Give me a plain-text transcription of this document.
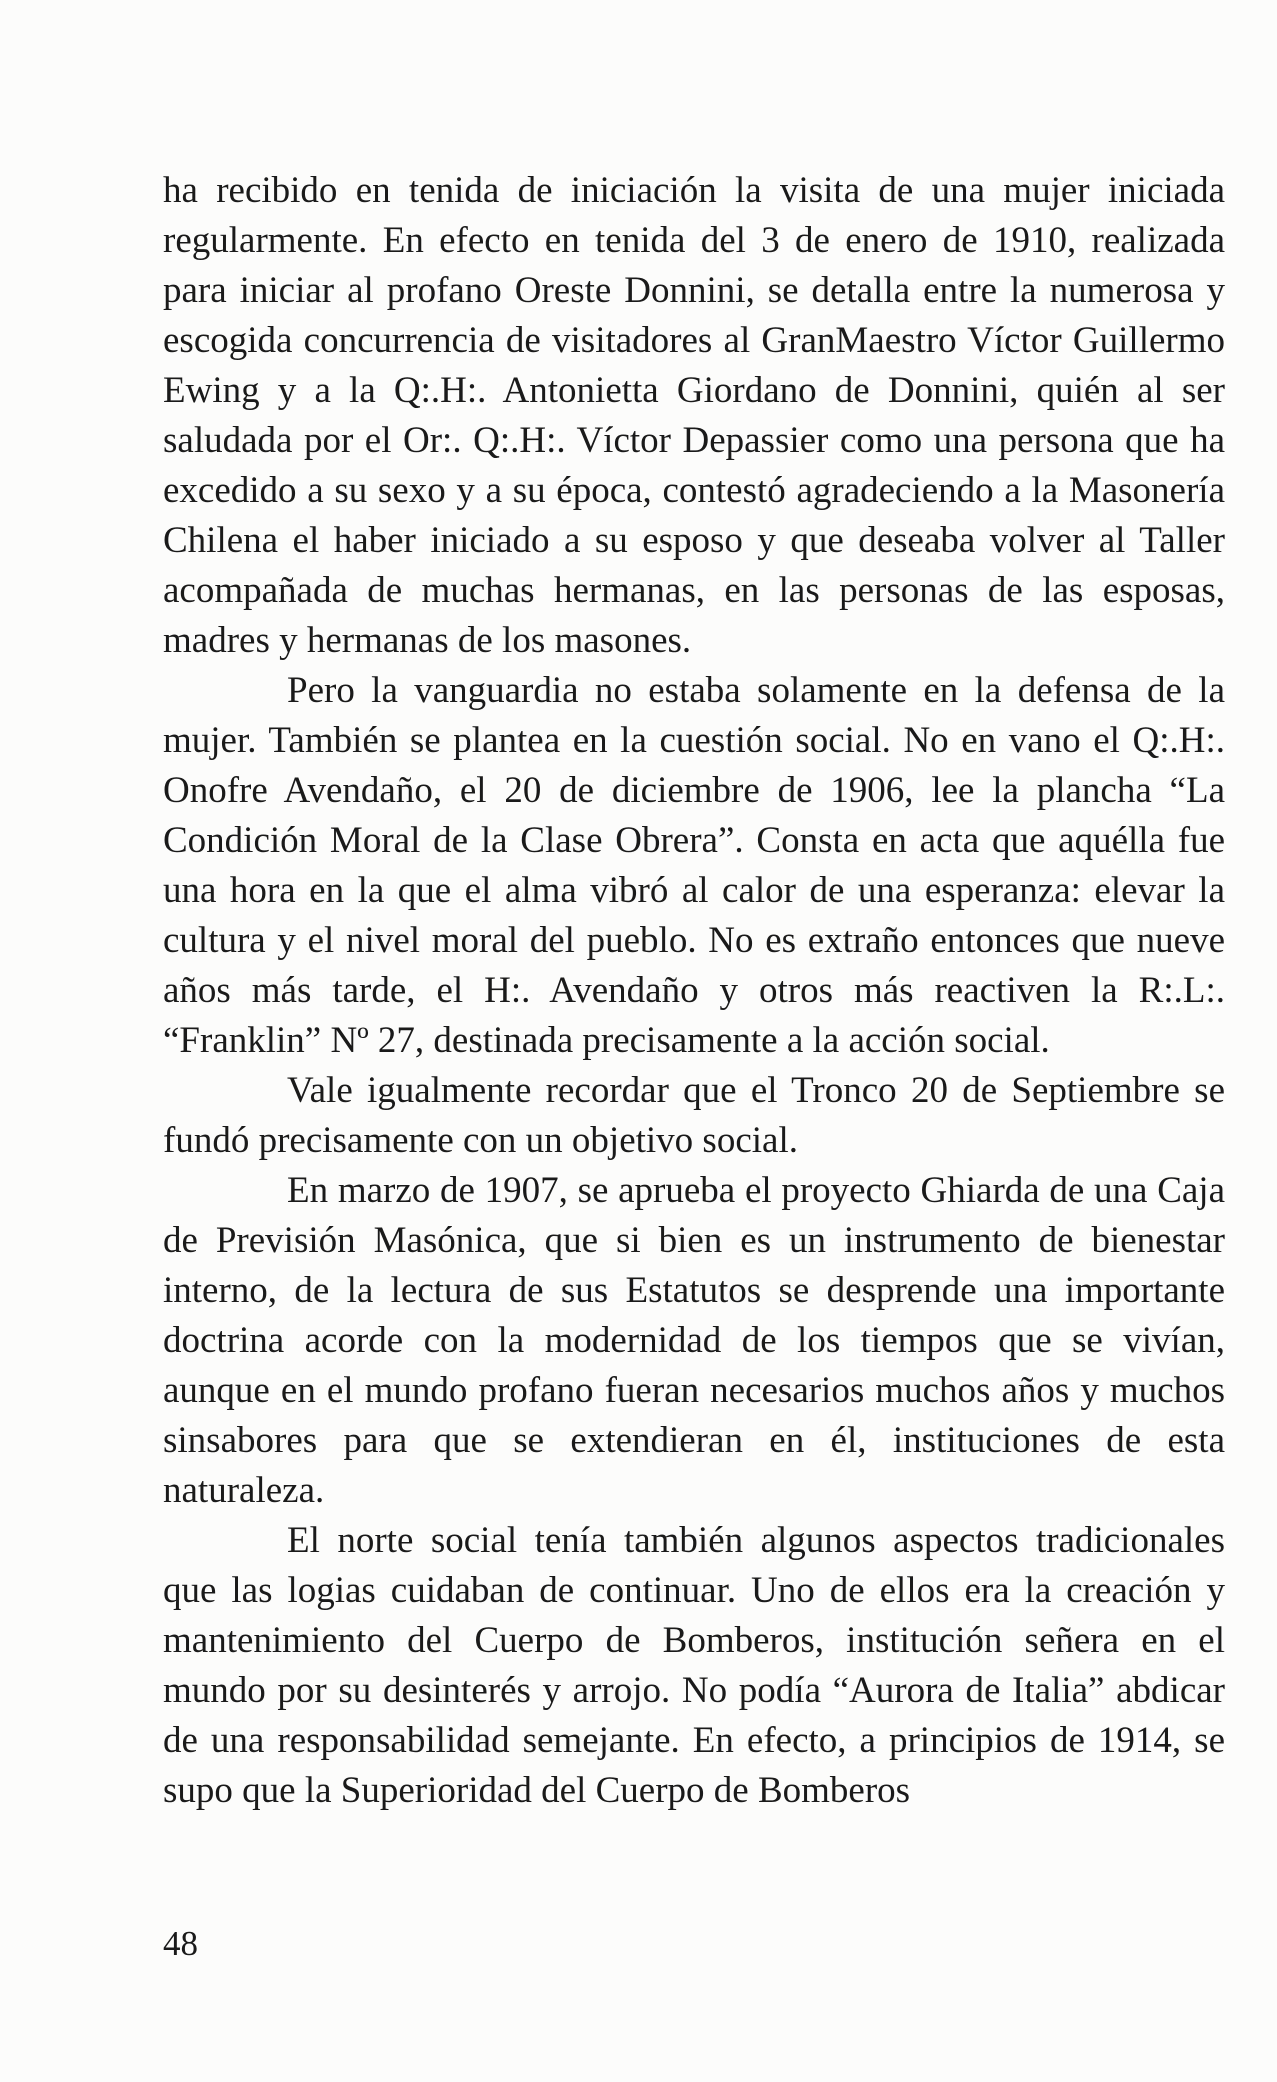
ha recibido en tenida de iniciación la visita de una mujer iniciada regularmente. En efecto en tenida del 3 de enero de 1910, realizada para iniciar al profano Oreste Donnini, se detalla entre la numerosa y escogida concurrencia de visitadores al GranMaestro Víctor Guillermo Ewing y a la Q:.H:. Antonietta Giordano de Donnini, quién al ser saludada por el Or:. Q:.H:. Víctor Depassier como una persona que ha excedido a su sexo y a su época, contestó agradeciendo a la Masonería Chilena el haber iniciado a su esposo y que deseaba volver al Taller acompañada de muchas hermanas, en las personas de las esposas, madres y hermanas de los masones.

Pero la vanguardia no estaba solamente en la defensa de la mujer. También se plantea en la cuestión social. No en vano el Q:.H:. Onofre Avendaño, el 20 de diciembre de 1906, lee la plancha “La Condición Moral de la Clase Obrera”. Consta en acta que aquélla fue una hora en la que el alma vibró al calor de una esperanza: elevar la cultura y el nivel moral del pueblo. No es extraño entonces que nueve años más tarde, el H:. Avendaño y otros más reactiven la R:.L:. “Franklin” Nº 27, destinada precisamente a la acción social.

Vale igualmente recordar que el Tronco 20 de Septiembre se fundó precisamente con un objetivo social.

En marzo de 1907, se aprueba el proyecto Ghiarda de una Caja de Previsión Masónica, que si bien es un instrumento de bienestar interno, de la lectura de sus Estatutos se desprende una importante doctrina acorde con la modernidad de los tiempos que se vivían, aunque en el mundo profano fueran necesarios muchos años y muchos sinsabores para que se extendieran en él, instituciones de esta naturaleza.

El norte social tenía también algunos aspectos tradicionales que las logias cuidaban de continuar. Uno de ellos era la creación y mantenimiento del Cuerpo de Bomberos, institución señera en el mundo por su desinterés y arrojo. No podía “Aurora de Italia” abdicar de una responsabilidad semejante. En efecto, a principios de 1914, se supo que la Superioridad del Cuerpo de Bomberos

48
